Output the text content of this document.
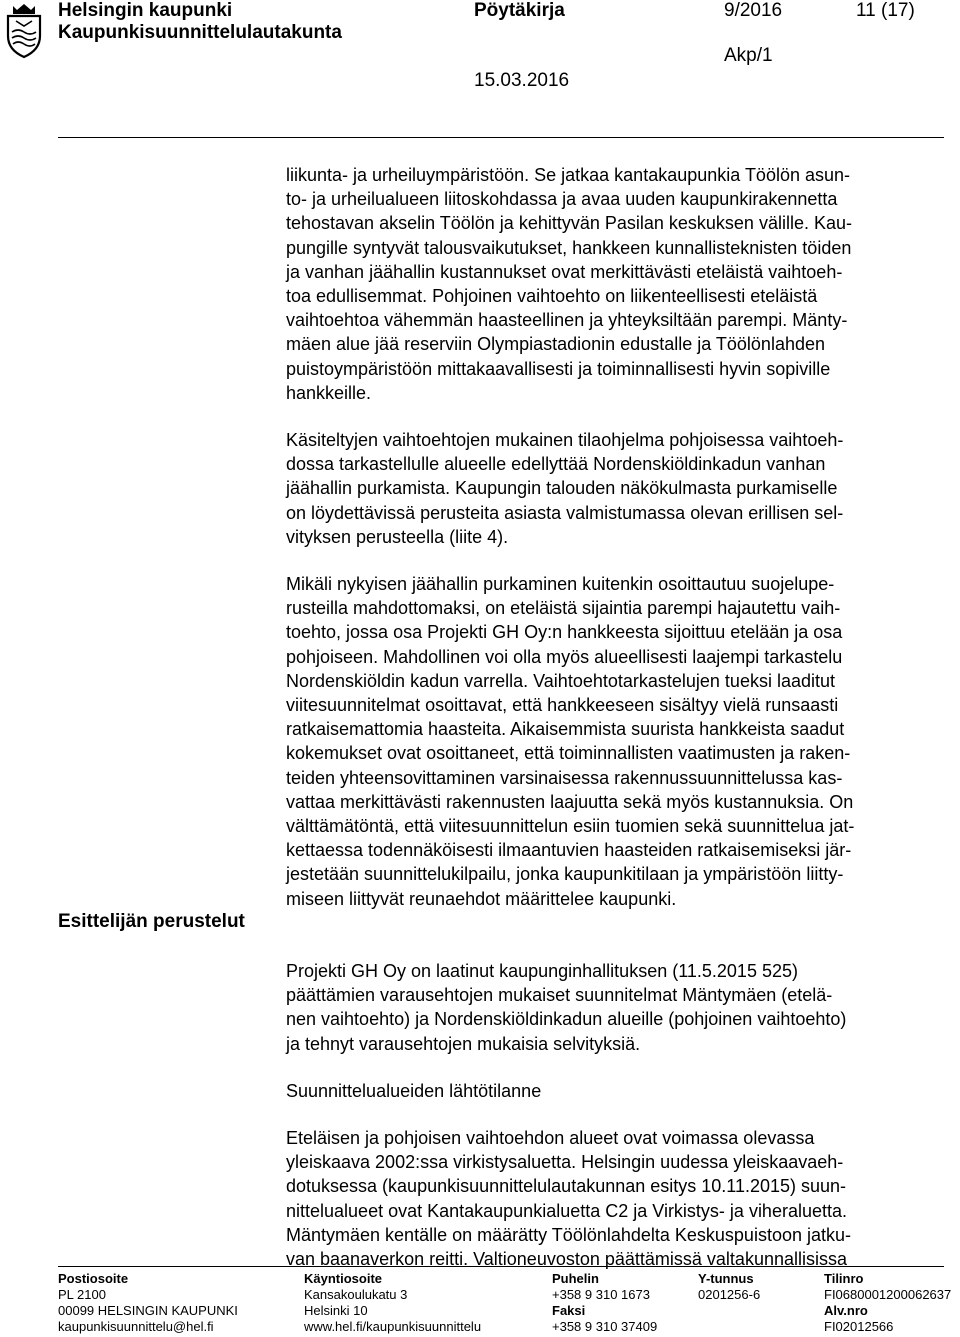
Helsingin kaupunki
Kaupunkisuunnittelulautakunta
Pöytäkirja	9/2016	11 (17)
Akp/1
15.03.2016
Esittelijän perustelut

liikunta- ja urheiluympäristöön. Se jatkaa kantakaupunkia Töölön asun-
to- ja urheilualueen liitoskohdassa ja avaa uuden kaupunkirakennetta
tehostavan akselin Töölön ja kehittyvän Pasilan keskuksen välille. Kau-
pungille syntyvät talousvaikutukset, hankkeen kunnallisteknisten töiden
ja vanhan jäähallin kustannukset ovat merkittävästi eteläistä vaihtoeh-
toa edullisemmat. Pohjoinen vaihtoehto on liikenteellisesti eteläistä
vaihtoehtoa vähemmän haasteellinen ja yhteyksiltään parempi. Mänty-
mäen alue jää reserviin Olympiastadionin edustalle ja Töölönlahden
puistoympäristöön mittakaavallisesti ja toiminnallisesti hyvin sopiville
hankkeille.

Käsiteltyjen vaihtoehtojen mukainen tilaohjelma pohjoisessa vaihtoeh-
dossa tarkastellulle alueelle edellyttää Nordenskiöldinkadun vanhan
jäähallin purkamista. Kaupungin talouden näkökulmasta purkamiselle
on löydettävissä perusteita asiasta valmistumassa olevan erillisen sel-
vityksen perusteella (liite 4).

Mikäli nykyisen jäähallin purkaminen kuitenkin osoittautuu suojelupe-
rusteilla mahdottomaksi, on eteläistä sijaintia parempi hajautettu vaih-
toehto, jossa osa Projekti GH Oy:n hankkeesta sijoittuu etelään ja osa
pohjoiseen. Mahdollinen voi olla myös alueellisesti laajempi tarkastelu
Nordenskiöldin kadun varrella. Vaihtoehtotarkastelujen tueksi laaditut
viitesuunnitelmat osoittavat, että hankkeeseen sisältyy vielä runsaasti
ratkaisemattomia haasteita. Aikaisemmista suurista hankkeista saadut
kokemukset ovat osoittaneet, että toiminnallisten vaatimusten ja raken-
teiden yhteensovittaminen varsinaisessa rakennussuunnittelussa kas-
vattaa merkittävästi rakennusten laajuutta sekä myös kustannuksia. On
välttämätöntä, että viitesuunnittelun esiin tuomien sekä suunnittelua jat-
kettaessa todennäköisesti ilmaantuvien haasteiden ratkaisemiseksi jär-
jestetään suunnittelukilpailu, jonka kaupunkitilaan ja ympäristöön liitty-
miseen liittyvät reunaehdot määrittelee kaupunki.

Projekti GH Oy on laatinut kaupunginhallituksen (11.5.2015 525)
päättämien varausehtojen mukaiset suunnitelmat Mäntymäen (etelä-
nen vaihtoehto) ja Nordenskiöldinkadun alueille (pohjoinen vaihtoehto)
ja tehnyt varausehtojen mukaisia selvityksiä.

Suunnittelualueiden lähtötilanne

Eteläisen ja pohjoisen vaihtoehdon alueet ovat voimassa olevassa
yleiskaava 2002:ssa virkistysaluetta. Helsingin uudessa yleiskaavaeh-
dotuksessa (kaupunkisuunnittelulautakunnan esitys 10.11.2015) suun-
nittelualueet ovat Kantakaupunkialuetta C2 ja Virkistys- ja viheraluetta.
Mäntymäen kentälle on määrätty Töölönlahdelta Keskuspuistoon jatku-
van baanaverkon reitti. Valtioneuvoston päättämissä valtakunnallisissa

Postiosoite
PL 2100
00099 HELSINGIN KAUPUNKI
kaupunkisuunnittelu@hel.fi
Käyntiosoite
Kansakoulukatu 3
Helsinki 10
www.hel.fi/kaupunkisuunnittelu
Puhelin
+358 9 310 1673
Faksi
+358 9 310 37409
Y-tunnus
0201256-6
Tilinro
FI0680001200062637
Alv.nro
FI02012566
